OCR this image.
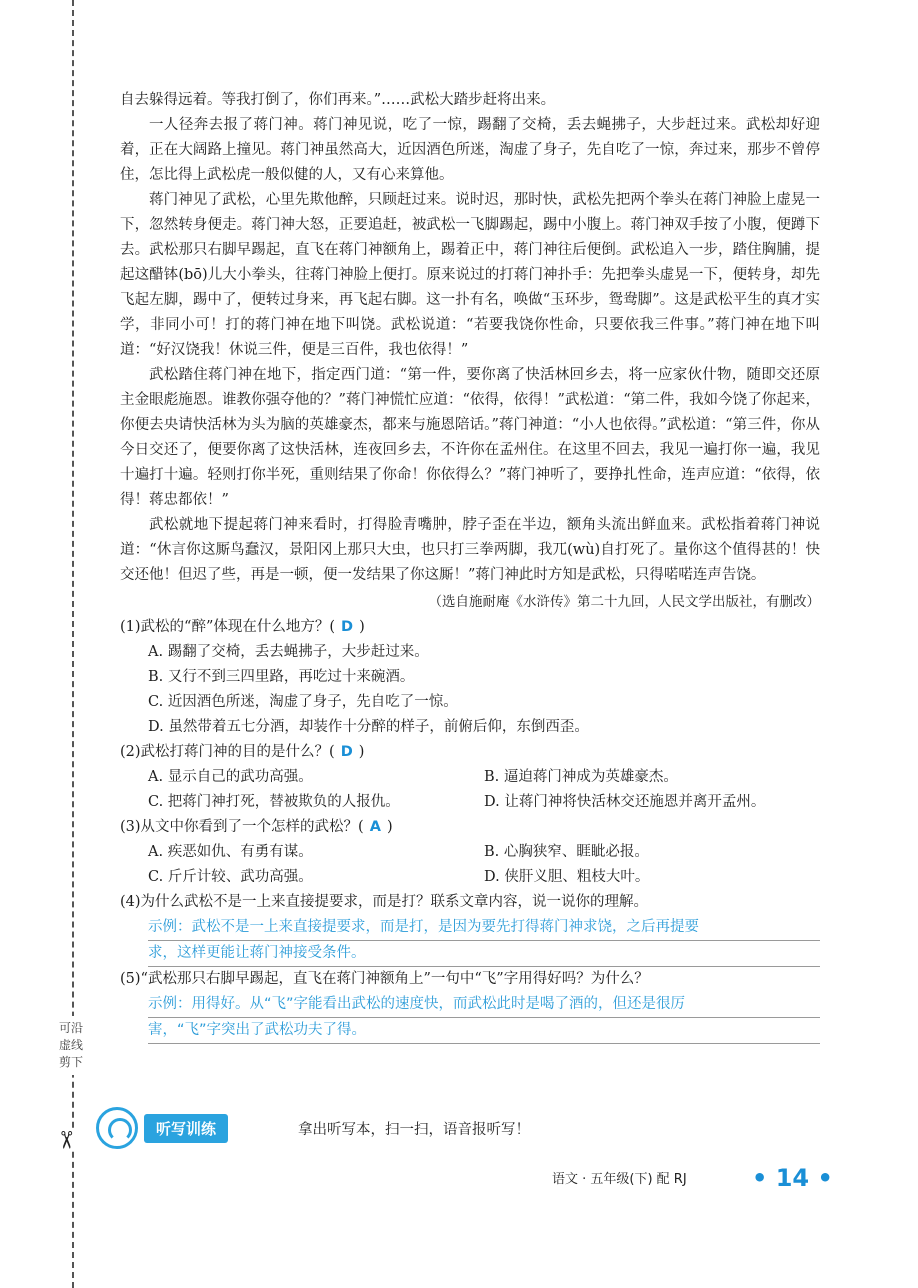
可沿虚线剪下
✂

自去躲得远着。等我打倒了，你们再来。”……武松大踏步赶将出来。

一人径奔去报了蒋门神。蒋门神见说，吃了一惊，踢翻了交椅，丢去蝇拂子，大步赶过来。武松却好迎着，正在大阔路上撞见。蒋门神虽然高大，近因酒色所迷，淘虚了身子，先自吃了一惊，奔过来，那步不曾停住，怎比得上武松虎一般似健的人，又有心来算他。

蒋门神见了武松，心里先欺他醉，只顾赶过来。说时迟，那时快，武松先把两个拳头在蒋门神脸上虚晃一下，忽然转身便走。蒋门神大怒，正要追赶，被武松一飞脚踢起，踢中小腹上。蒋门神双手按了小腹，便蹲下去。武松那只右脚早踢起，直飞在蒋门神额角上，踢着正中，蒋门神往后便倒。武松追入一步，踏住胸脯，提起这醋钵(bō)儿大小拳头，往蒋门神脸上便打。原来说过的打蒋门神扑手：先把拳头虚晃一下，便转身，却先飞起左脚，踢中了，便转过身来，再飞起右脚。这一扑有名，唤做“玉环步，鸳鸯脚”。这是武松平生的真才实学，非同小可！打的蒋门神在地下叫饶。武松说道：“若要我饶你性命，只要依我三件事。”蒋门神在地下叫道：“好汉饶我！休说三件，便是三百件，我也依得！”

武松踏住蒋门神在地下，指定西门道：“第一件，要你离了快活林回乡去，将一应家伙什物，随即交还原主金眼彪施恩。谁教你强夺他的？”蒋门神慌忙应道：“依得，依得！”武松道：“第二件，我如今饶了你起来，你便去央请快活林为头为脑的英雄豪杰，都来与施恩陪话。”蒋门神道：“小人也依得。”武松道：“第三件，你从今日交还了，便要你离了这快活林，连夜回乡去，不许你在孟州住。在这里不回去，我见一遍打你一遍，我见十遍打十遍。轻则打你半死，重则结果了你命！你依得么？”蒋门神听了，要挣扎性命，连声应道：“依得，依得！蒋忠都依！”

武松就地下提起蒋门神来看时，打得脸青嘴肿，脖子歪在半边，额角头流出鲜血来。武松指着蒋门神说道：“休言你这厮鸟蠢汉，景阳冈上那只大虫，也只打三拳两脚，我兀(wù)自打死了。量你这个值得甚的！快交还他！但迟了些，再是一顿，便一发结果了你这厮！”蒋门神此时方知是武松，只得喏喏连声告饶。

（选自施耐庵《水浒传》第二十九回，人民文学出版社，有删改）

(1)武松的“醉”体现在什么地方？( D )

A. 踢翻了交椅，丢去蝇拂子，大步赶过来。
B. 又行不到三四里路，再吃过十来碗酒。
C. 近因酒色所迷，淘虚了身子，先自吃了一惊。
D. 虽然带着五七分酒，却装作十分醉的样子，前俯后仰，东倒西歪。

(2)武松打蒋门神的目的是什么？( D )

A. 显示自己的武功高强。	B. 逼迫蒋门神成为英雄豪杰。
C. 把蒋门神打死，替被欺负的人报仇。	D. 让蒋门神将快活林交还施恩并离开孟州。

(3)从文中你看到了一个怎样的武松？( A )

A. 疾恶如仇、有勇有谋。	B. 心胸狭窄、睚眦必报。
C. 斤斤计较、武功高强。	D. 侠肝义胆、粗枝大叶。

(4)为什么武松不是一上来直接提要求，而是打？联系文章内容，说一说你的理解。

示例：武松不是一上来直接提要求，而是打，是因为要先打得蒋门神求饶，之后再提要
求，这样更能让蒋门神接受条件。

(5)“武松那只右脚早踢起，直飞在蒋门神额角上”一句中“飞”字用得好吗？为什么？

示例：用得好。从“飞”字能看出武松的速度快，而武松此时是喝了酒的，但还是很厉
害，“飞”字突出了武松功夫了得。
听写训练	拿出听写本，扫一扫，语音报听写！
语文 · 五年级(下) 配 RJ	• 14 •
